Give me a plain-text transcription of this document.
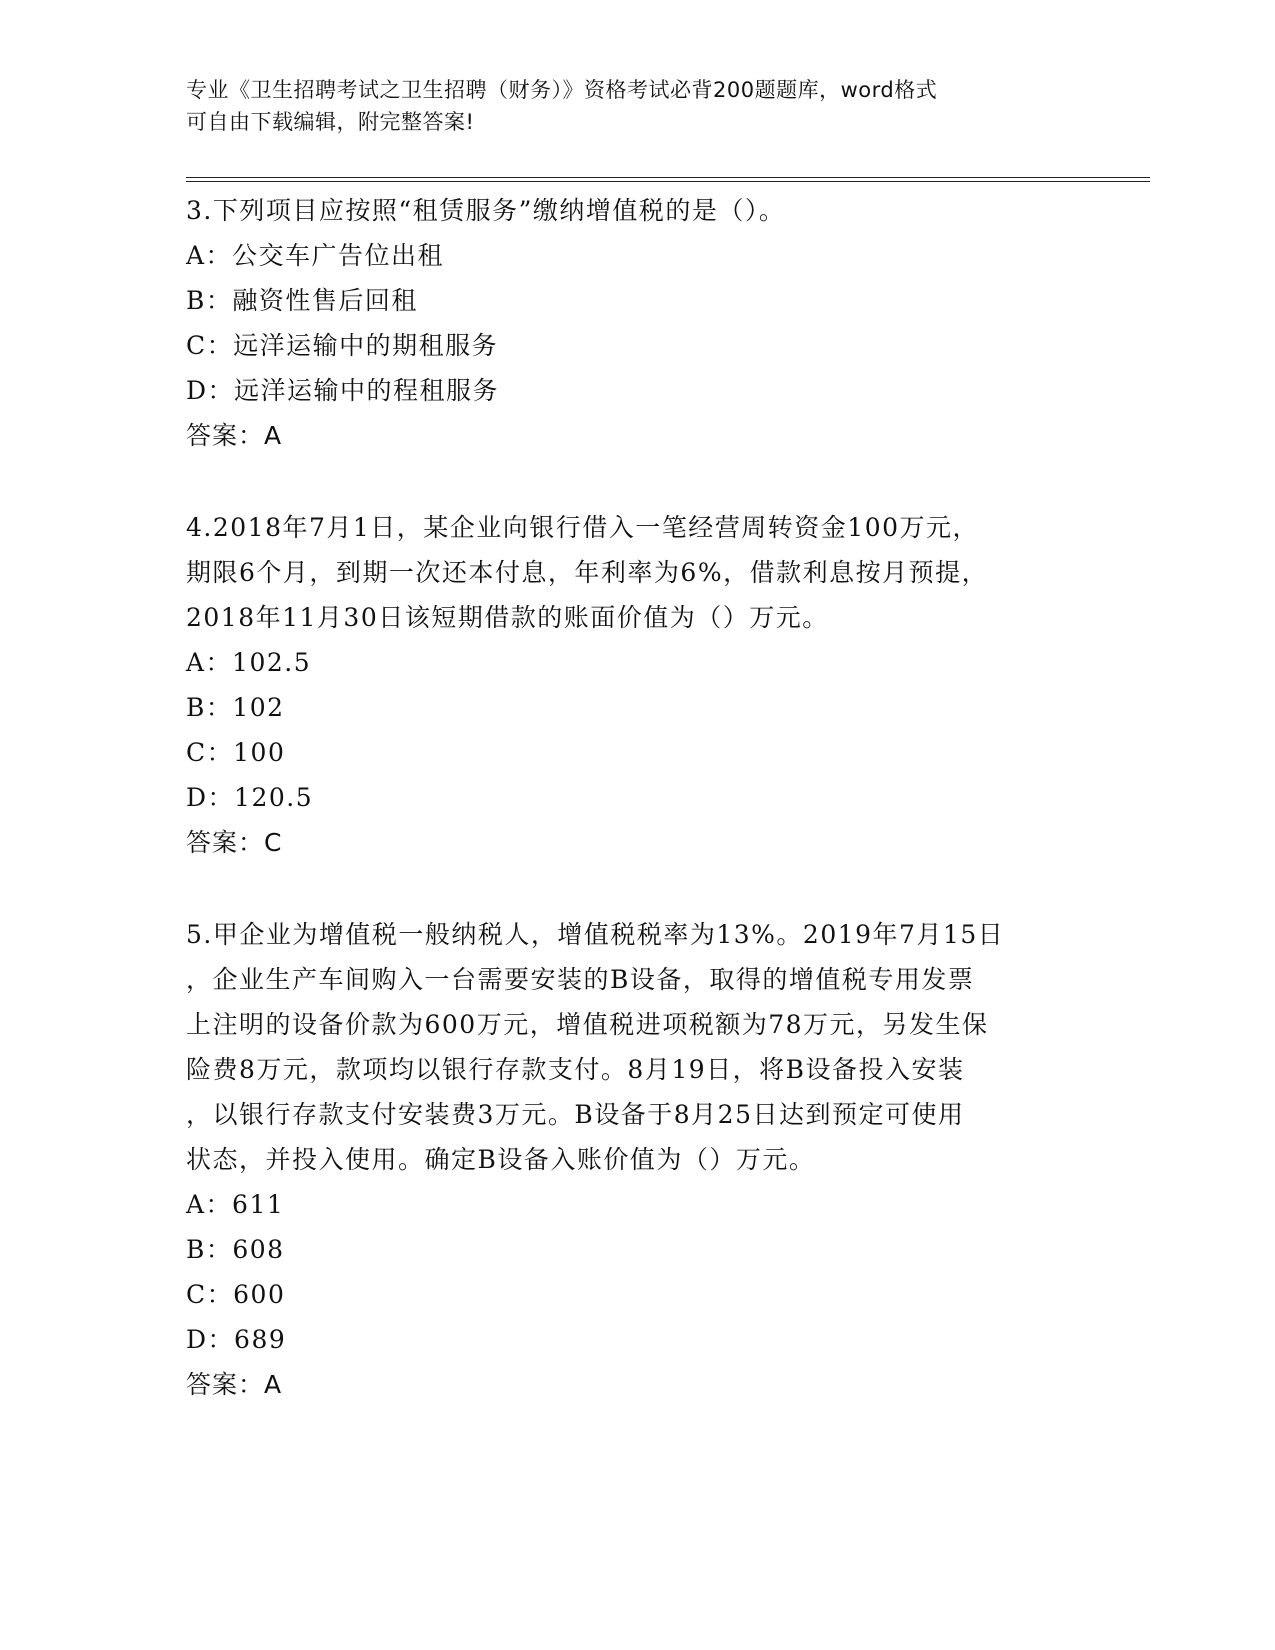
专业《卫生招聘考试之卫生招聘（财务）》资格考试必背200题题库，word格式

可自由下载编辑，附完整答案!

3.下列项目应按照“租赁服务”缴纳增值税的是（）。

A：公交车广告位出租

B：融资性售后回租

C：远洋运输中的期租服务

D：远洋运输中的程租服务

答案：A

4.2018年7月1日，某企业向银行借入一笔经营周转资金100万元，

期限6个月，到期一次还本付息，年利率为6%，借款利息按月预提，

2018年11月30日该短期借款的账面价值为（）万元。

A：102.5

B：102

C：100

D：120.5

答案：C

5.甲企业为增值税一般纳税人，增值税税率为13%。2019年7月15日

，企业生产车间购入一台需要安装的B设备，取得的增值税专用发票

上注明的设备价款为600万元，增值税进项税额为78万元，另发生保

险费8万元，款项均以银行存款支付。8月19日，将B设备投入安装

，以银行存款支付安装费3万元。B设备于8月25日达到预定可使用

状态，并投入使用。确定B设备入账价值为（）万元。

A：611

B：608

C：600

D：689

答案：A
